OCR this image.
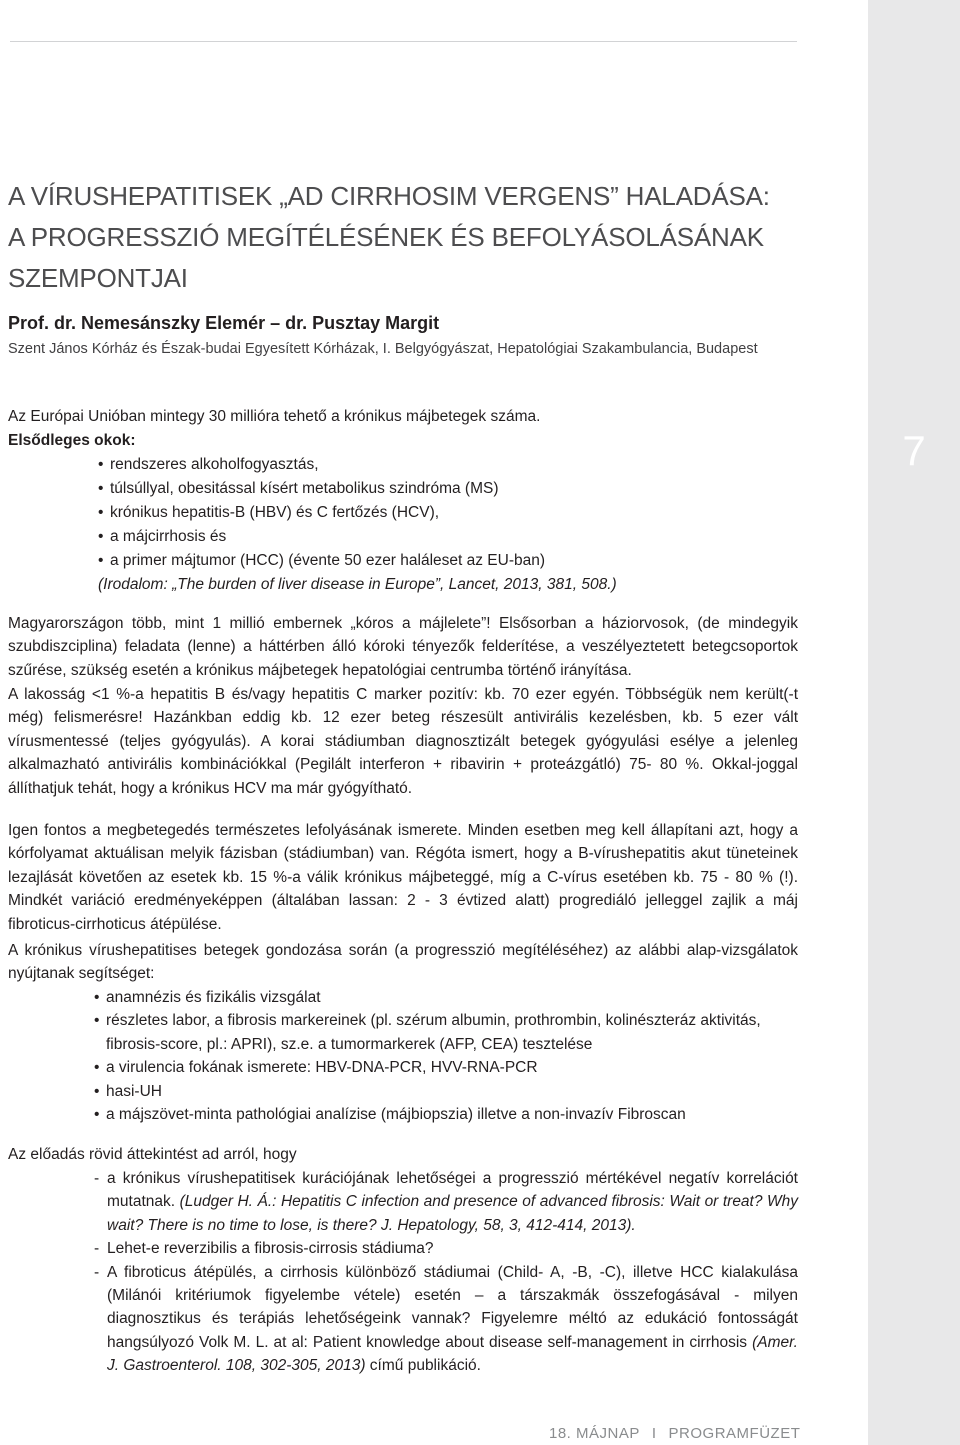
7
A VÍRUSHEPATITISEK „AD CIRRHOSIM VERGENS” HALADÁSA:
A PROGRESSZIÓ MEGÍTÉLÉSÉNEK ÉS BEFOLYÁSOLÁSÁNAK
SZEMPONTJAI
Prof. dr. Nemesánszky Elemér – dr. Pusztay Margit
Szent János Kórház és Észak-budai Egyesített Kórházak, I. Belgyógyászat, Hepatológiai Szakambulancia, Budapest
Az Európai Unióban mintegy 30 millióra tehető a krónikus májbetegek száma.
Elsődleges okok:
• rendszeres alkoholfogyasztás,
• túlsúllyal, obesitással kísért metabolikus szindróma (MS)
• krónikus hepatitis-B (HBV) és C fertőzés (HCV),
• a májcirrhosis és
• a primer májtumor (HCC) (évente 50 ezer haláleset az EU-ban)
(Irodalom: „The burden of liver disease in Europe”, Lancet, 2013, 381, 508.)
Magyarországon több, mint 1 millió embernek „kóros a májlelete”! Elsősorban a háziorvosok, (de mindegyik szubdiszciplina) feladata (lenne) a háttérben álló kóroki tényezők felderítése, a veszélyeztetett betegcsoportok szűrése, szükség esetén a krónikus májbetegek hepatológiai centrumba történő irányítása.
A lakosság <1 %-a hepatitis B és/vagy hepatitis C marker pozitív: kb. 70 ezer egyén. Többségük nem került(-t még) felismerésre! Hazánkban eddig kb. 12 ezer beteg részesült antivirális kezelésben, kb. 5 ezer vált vírusmentessé (teljes gyógyulás). A korai stádiumban diagnosztizált betegek gyógyulási esélye a jelenleg alkalmazható antivirális kombinációkkal (Pegilált interferon + ribavirin + proteázgátló) 75- 80 %. Okkal-joggal állíthatjuk tehát, hogy a krónikus HCV ma már gyógyítható.
Igen fontos a megbetegedés természetes lefolyásának ismerete. Minden esetben meg kell állapítani azt, hogy a kórfolyamat aktuálisan melyik fázisban (stádiumban) van. Régóta ismert, hogy a B-vírushepatitis akut tüneteinek lezajlását követően az esetek kb. 15 %-a válik krónikus májbeteggé, míg a C-vírus esetében kb. 75 - 80 % (!). Mindkét variáció eredményeképpen (általában lassan: 2 - 3 évtized alatt) progrediáló jelleggel zajlik a máj fibroticus-cirrhoticus átépülése.
A krónikus vírushepatitises betegek gondozása során (a progresszió megítéléséhez) az alábbi alap-vizsgálatok nyújtanak segítséget:
• anamnézis és fizikális vizsgálat
• részletes labor, a fibrosis markereinek (pl. szérum albumin, prothrombin, kolinészteráz aktivitás, fibrosis-score, pl.: APRI), sz.e. a tumormarkerek (AFP, CEA) tesztelése
• a virulencia fokának ismerete: HBV-DNA-PCR, HVV-RNA-PCR
• hasi-UH
• a májszövet-minta pathológiai analízise (májbiopszia) illetve a non-invazív Fibroscan
Az előadás rövid áttekintést ad arról, hogy
- a krónikus vírushepatitisek kurációjának lehetőségei a progresszió mértékével negatív korrelációt mutatnak. (Ludger H. Á.: Hepatitis C infection and presence of advanced fibrosis: Wait or treat? Why wait? There is no time to lose, is there? J. Hepatology, 58, 3, 412-414, 2013).
- Lehet-e reverzibilis a fibrosis-cirrosis stádiuma?
- A fibroticus átépülés, a cirrhosis különböző stádiumai (Child- A, -B, -C), illetve HCC kialakulása (Milánói kritériumok figyelembe vétele) esetén – a társzakmák összefogásával - milyen diagnosztikus és terápiás lehetőségeink vannak? Figyelemre méltó az edukáció fontosságát hangsúlyozó Volk M. L. at al: Patient knowledge about disease self-management in cirrhosis (Amer. J. Gastroenterol. 108, 302-305, 2013) című publikáció.
18. MÁJNAP I PROGRAMFÜZET
